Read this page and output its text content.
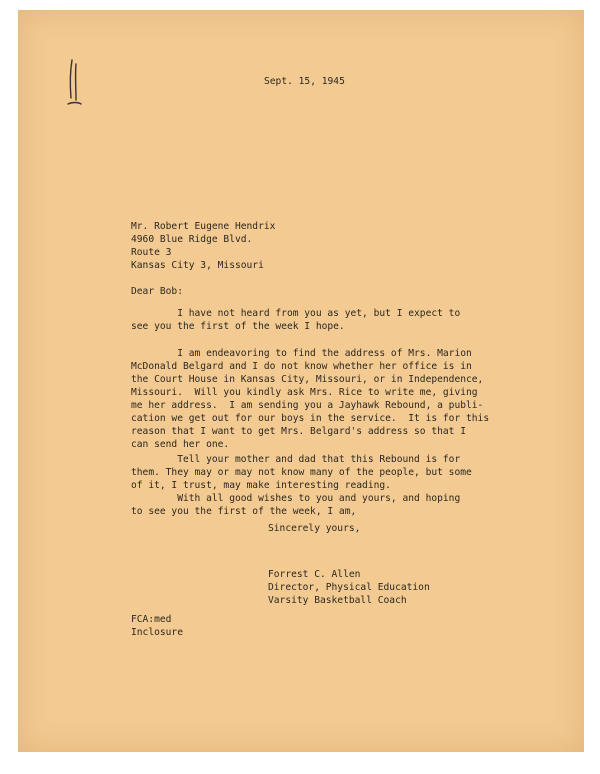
Sept. 15, 1945

Mr. Robert Eugene Hendrix
4960 Blue Ridge Blvd.
Route 3
Kansas City 3, Missouri

Dear Bob:

I have not heard from you as yet, but I expect to
see you the first of the week I hope.

I am endeavoring to find the address of Mrs. Marion
McDonald Belgard and I do not know whether her office is in
the Court House in Kansas City, Missouri, or in Independence,
Missouri.  Will you kindly ask Mrs. Rice to write me, giving
me her address.  I am sending you a Jayhawk Rebound, a publi-
cation we get out for our boys in the service.  It is for this
reason that I want to get Mrs. Belgard's address so that I
can send her one.

Tell your mother and dad that this Rebound is for
them. They may or may not know many of the people, but some
of it, I trust, may make interesting reading.

With all good wishes to you and yours, and hoping
to see you the first of the week, I am,

Sincerely yours,

Forrest C. Allen
Director, Physical Education
Varsity Basketball Coach
FCA:med
Inclosure
